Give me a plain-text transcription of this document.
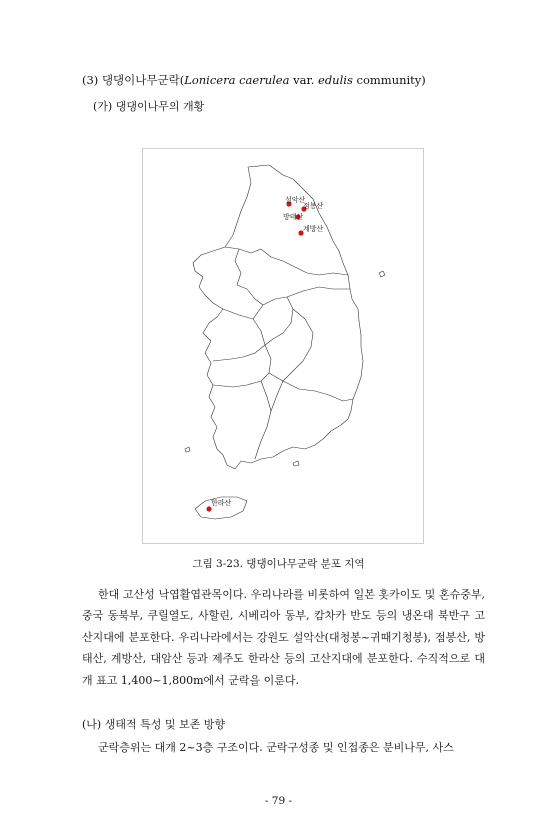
(3) 댕댕이나무군락(Lonicera caerulea var. edulis community)
(가) 댕댕이나무의 개황
설악산
점봉산
방태산
계방산
한라산
그림 3-23. 댕댕이나무군락 분포 지역

한대 고산성 낙엽활엽관목이다. 우리나라를 비롯하여 일본 홋카이도 및 혼슈중부, 중국 동북부, 쿠릴열도, 사할린, 시베리아 동부, 캄차카 반도 등의 냉온대 북반구 고산지대에 분포한다. 우리나라에서는 강원도 설악산(대청봉~귀때기청봉), 점봉산, 방태산, 계방산, 대암산 등과 제주도 한라산 등의 고산지대에 분포한다. 수직적으로 대개 표고 1,400~1,800m에서 군락을 이룬다.

(나) 생태적 특성 및 보존 방향

군락층위는 대개 2~3층 구조이다. 군락구성종 및 인접종은 분비나무, 사스

- 79 -
